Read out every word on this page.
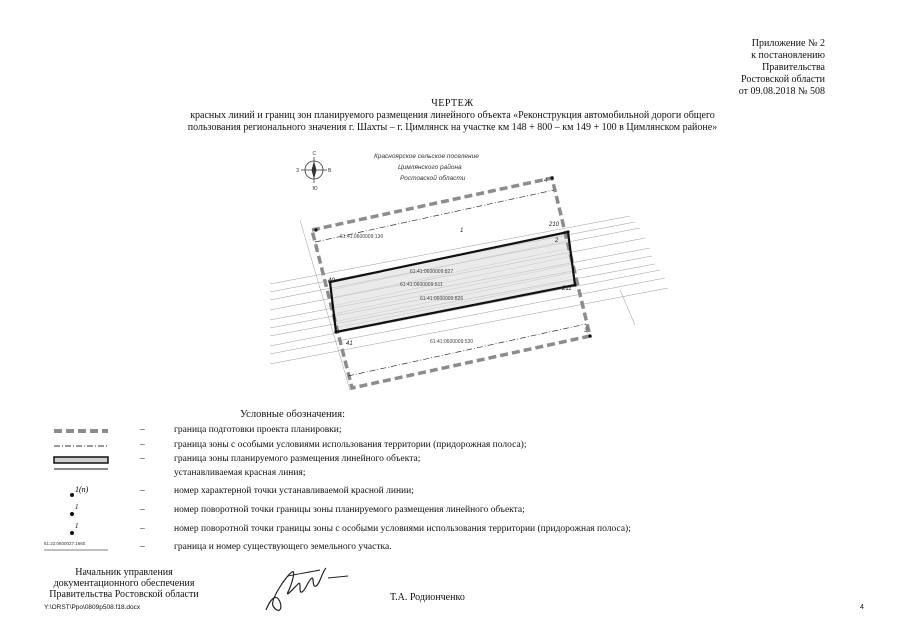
Приложение № 2
к постановлению
Правительства
Ростовской области
от 09.08.2018 № 508
ЧЕРТЕЖ
красных линий и границ зон планируемого размещения линейного объекта «Реконструкция автомобильной дороги общего
пользования регионального значения г. Шахты – г. Цимлянск на участке км 148 + 800 – км 149 + 100 в Цимлянском районе»
С
Ю
З	В
Красноярское сельское поселение
Цимлянского района
Ростовской области
210
211
40
41
1
2
3
4
61:41:0600009:136
61:41:0600009:530
61:41:0600009:827
61:41:0600009:511
61:41:0600009:826
Условные обозначения:
–	граница подготовки проекта планировки;
–	граница зоны с особыми условиями использования территории (придорожная полоса);
–	граница зоны планируемого размещения линейного объекта;
устанавливаемая красная линия;
1(п)	–	номер характерной точки устанавливаемой красной линии;
1	–	номер поворотной точки границы зоны планируемого размещения линейного объекта;
1	–	номер поворотной точки границы зоны с особыми условиями использования территории (придорожная полоса);
61:22:0600027:1660	–	граница и номер существующего земельного участка.
Начальник управления
документационного обеспечения
Правительства Ростовской области	Т.А. Родионченко
Y:\ORST\Ppo\0809p508.f18.docx	4
